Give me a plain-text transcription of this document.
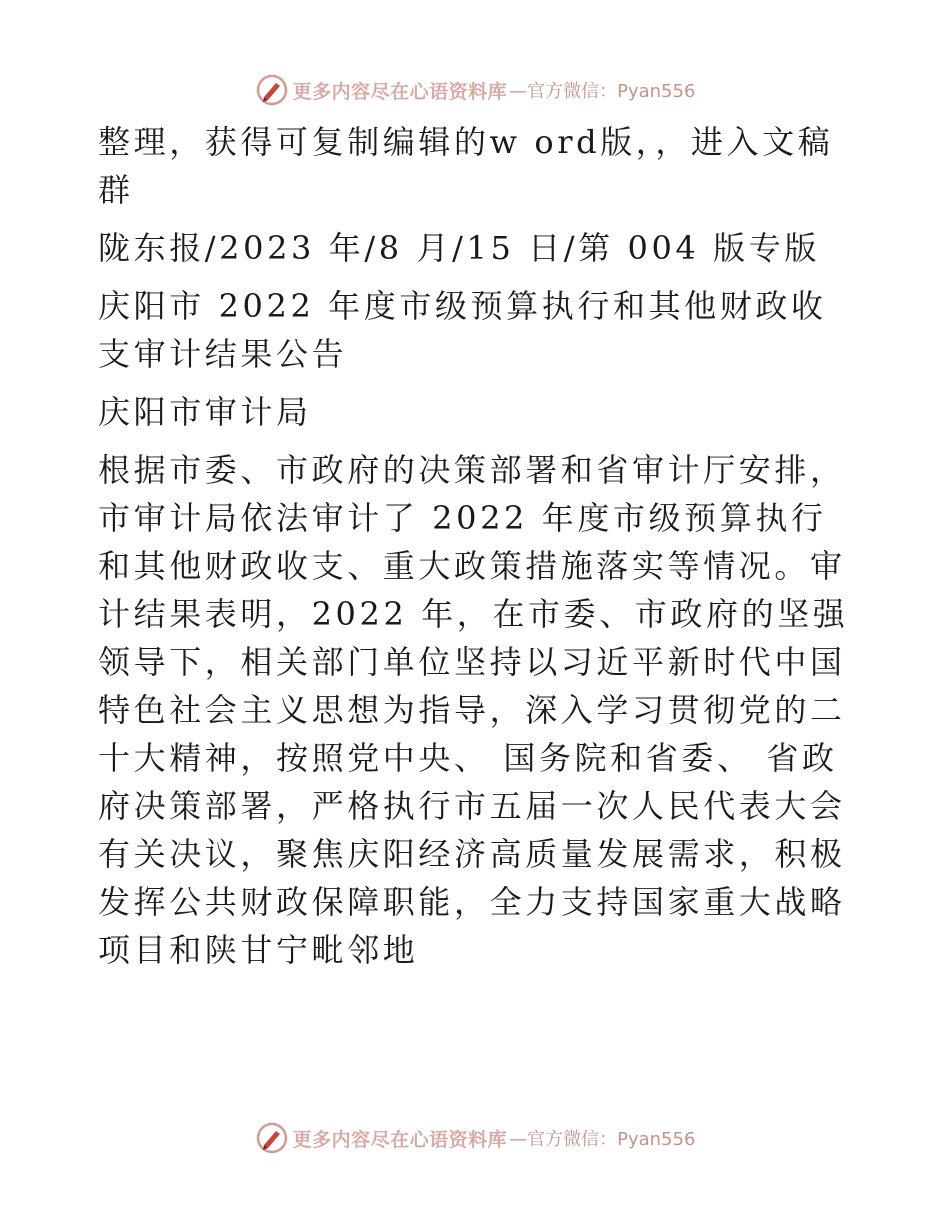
更多内容尽在心语资料库 —官方微信：Pyan556

整理，获得可复制编辑的w ord版，，进入文稿群

陇东报/2023 年/8 月/15 日/第 004 版专版

庆阳市 2022 年度市级预算执行和其他财政收支审计结果公告

庆阳市审计局

根据市委、市政府的决策部署和省审计厅安排，市审计局依法审计了 2022 年度市级预算执行和其他财政收支、重大政策措施落实等情况。审计结果表明，2022 年，在市委、市政府的坚强领导下，相关部门单位坚持以习近平新时代中国特色社会主义思想为指导，深入学习贯彻党的二十大精神，按照党中央、 国务院和省委、 省政府决策部署，严格执行市五届一次人民代表大会有关决议，聚焦庆阳经济高质量发展需求，积极发挥公共财政保障职能，全力支持国家重大战略项目和陕甘宁毗邻地

更多内容尽在心语资料库 —官方微信：Pyan556
